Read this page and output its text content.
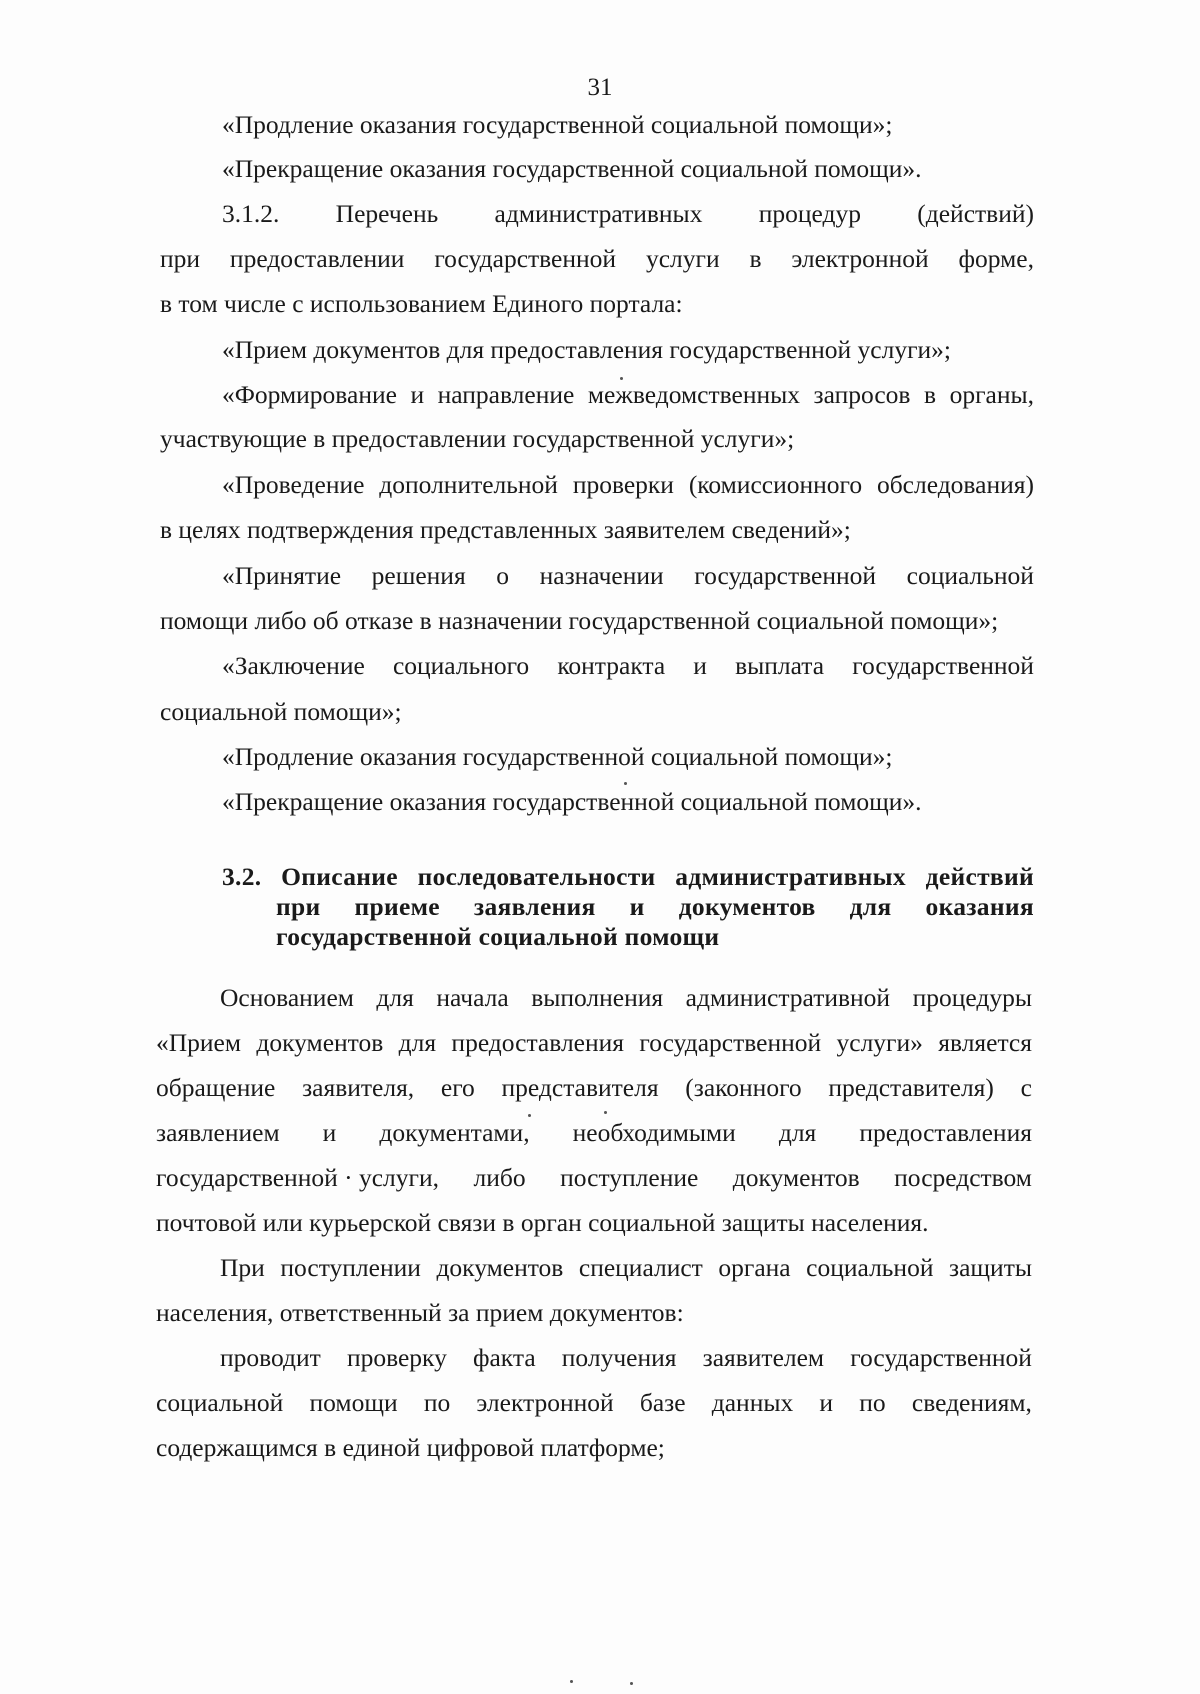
31
«Продление оказания государственной социальной помощи»;
«Прекращение оказания государственной социальной помощи».
3.1.2. Перечень административных процедур (действий)
при предоставлении государственной услуги в электронной форме,
в том числе с использованием Единого портала:
«Прием документов для предоставления государственной услуги»;
«Формирование и направление межведомственных запросов в органы,
участвующие в предоставлении государственной услуги»;
«Проведение дополнительной проверки (комиссионного обследования)
в целях подтверждения представленных заявителем сведений»;
«Принятие решения о назначении государственной социальной
помощи либо об отказе в назначении государственной социальной помощи»;
«Заключение социального контракта и выплата государственной
социальной помощи»;
«Продление оказания государственной социальной помощи»;
«Прекращение оказания государственной социальной помощи».
3.2. Описание последовательности административных действий
при приеме заявления и документов для оказания
государственной социальной помощи
Основанием для начала выполнения административной процедуры
«Прием документов для предоставления государственной услуги» является
обращение заявителя, его представителя (законного представителя) с
заявлением и документами, необходимыми для предоставления
государственной · услуги, либо поступление документов посредством
почтовой или курьерской связи в орган социальной защиты населения.
При поступлении документов специалист органа социальной защиты
населения, ответственный за прием документов:
проводит проверку факта получения заявителем государственной
социальной помощи по электронной базе данных и по сведениям,
содержащимся в единой цифровой платформе;
